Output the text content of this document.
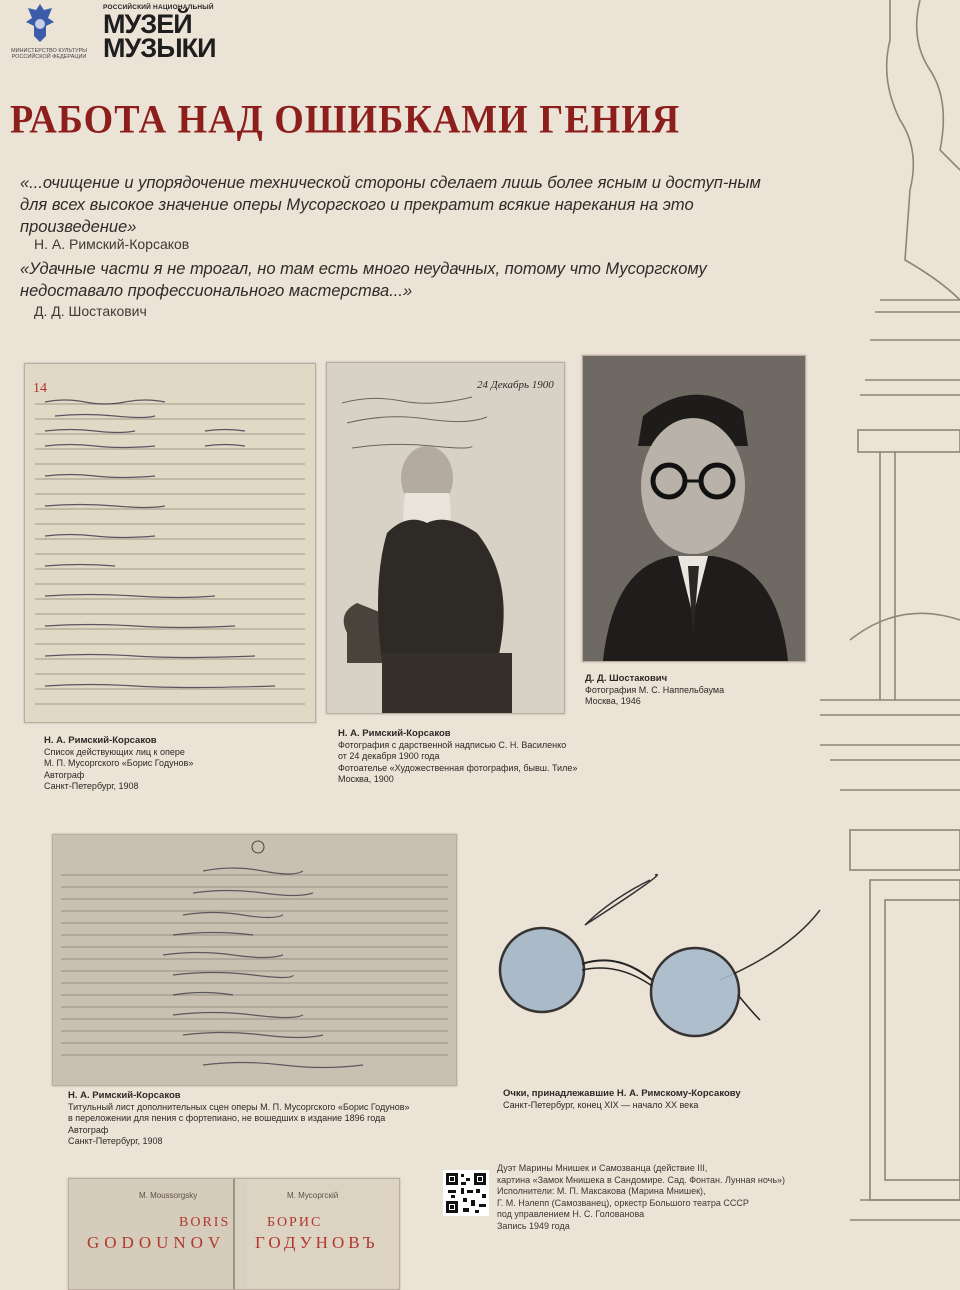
МИНИСТЕРСТВО КУЛЬТУРЫ РОССИЙСКОЙ ФЕДЕРАЦИИ
РОССИЙСКИЙ НАЦИОНАЛЬНЫЙ
МУЗЕЙ
МУЗЫКИ
РАБОТА НАД ОШИБКАМИ ГЕНИЯ
«...очищение и упорядочение технической стороны сделает лишь более ясным и доступ-ным для всех высокое значение оперы Мусоргского и прекратит всякие нарекания на это произведение»
Н. А. Римский-Корсаков
«Удачные части я не трогал, но там есть много неудачных, потому что Мусоргскому недоставало профессионального мастерства...»
Д. Д. Шостакович
14
Н. А. Римский-Корсаков
Список действующих лиц к опере
М. П. Мусоргского «Борис Годунов»
Автограф
Санкт-Петербург, 1908
24 Декабрь 1900
Н. А. Римский-Корсаков
Фотография с дарственной надписью С. Н. Василенко
от 24 декабря 1900 года
Фотоателье «Художественная фотография, бывш. Тиле»
Москва, 1900
Д. Д. Шостакович
Фотография М. С. Наппельбаума
Москва, 1946
Н. А. Римский-Корсаков
Титульный лист дополнительных сцен оперы М. П. Мусоргского «Борис Годунов»
в переложении для пения с фортепиано, не вошедших в издание 1896 года
Автограф
Санкт-Петербург, 1908
Очки, принадлежавшие Н. А. Римскому-Корсакову
Санкт-Петербург, конец XIX — начало XX века
Дуэт Марины Мнишек и Самозванца (действие III,
картина «Замок Мнишека в Сандомире. Сад. Фонтан. Лунная ночь»)
Исполнители: М. П. Максакова (Марина Мнишек),
Г. М. Нэлепп (Самозванец), оркестр Большого театра СССР
под управлением Н. С. Голованова
Запись 1949 года
M. Moussorgsky
BORIS
GODOUNOV
М. Мусоргскій
БОРИС
ГОДУНОВЪ
